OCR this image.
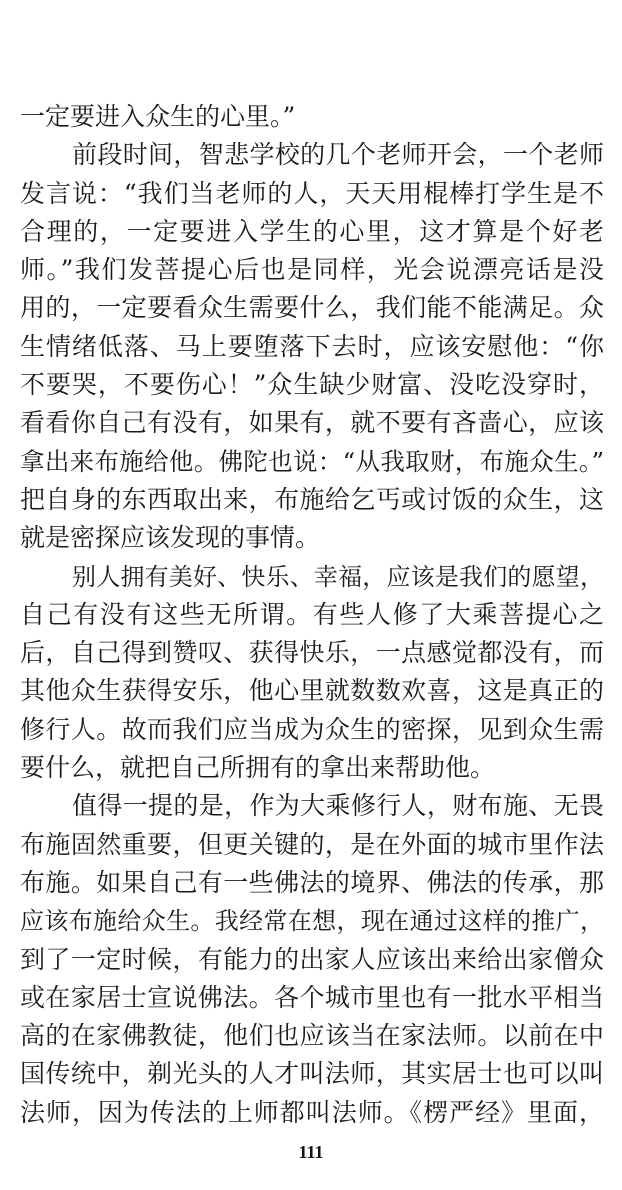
一定要进入众生的心里。”
前段时间，智悲学校的几个老师开会，一个老师
发言说：“我们当老师的人，天天用棍棒打学生是不
合理的，一定要进入学生的心里，这才算是个好老
师。”我们发菩提心后也是同样，光会说漂亮话是没
用的，一定要看众生需要什么，我们能不能满足。众
生情绪低落、马上要堕落下去时，应该安慰他：“你
不要哭，不要伤心！”众生缺少财富、没吃没穿时，
看看你自己有没有，如果有，就不要有吝啬心，应该
拿出来布施给他。佛陀也说：“从我取财，布施众生。”
把自身的东西取出来，布施给乞丐或讨饭的众生，这
就是密探应该发现的事情。
别人拥有美好、快乐、幸福，应该是我们的愿望，
自己有没有这些无所谓。有些人修了大乘菩提心之
后，自己得到赞叹、获得快乐，一点感觉都没有，而
其他众生获得安乐，他心里就数数欢喜，这是真正的
修行人。故而我们应当成为众生的密探，见到众生需
要什么，就把自己所拥有的拿出来帮助他。
值得一提的是，作为大乘修行人，财布施、无畏
布施固然重要，但更关键的，是在外面的城市里作法
布施。如果自己有一些佛法的境界、佛法的传承，那
应该布施给众生。我经常在想，现在通过这样的推广，
到了一定时候，有能力的出家人应该出来给出家僧众
或在家居士宣说佛法。各个城市里也有一批水平相当
高的在家佛教徒，他们也应该当在家法师。以前在中
国传统中，剃光头的人才叫法师，其实居士也可以叫
法师，因为传法的上师都叫法师。《楞严经》里面，
111
